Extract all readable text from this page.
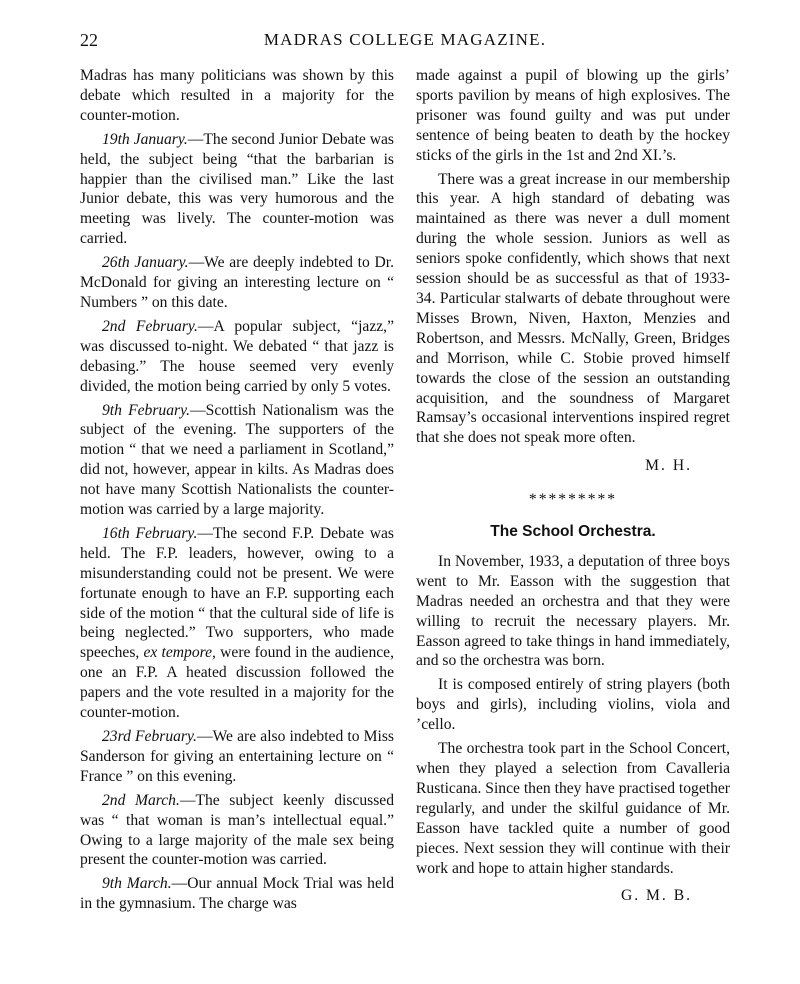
22	MADRAS COLLEGE MAGAZINE.

Madras has many politicians was shown by this debate which resulted in a majority for the counter-motion.

19th January.—The second Junior Debate was held, the subject being “that the barbarian is happier than the civilised man.” Like the last Junior debate, this was very humorous and the meeting was lively. The counter-motion was carried.

26th January.—We are deeply indebted to Dr. McDonald for giving an interesting lecture on “ Numbers ” on this date.

2nd February.—A popular subject, “jazz,” was discussed to-night. We debated “ that jazz is debasing.” The house seemed very evenly divided, the motion being carried by only 5 votes.

9th February.—Scottish Nationalism was the subject of the evening. The supporters of the motion “ that we need a parliament in Scotland,” did not, however, appear in kilts. As Madras does not have many Scottish Nationalists the counter-motion was carried by a large majority.

16th February.—The second F.P. Debate was held. The F.P. leaders, however, owing to a misunderstanding could not be present. We were fortunate enough to have an F.P. supporting each side of the motion “ that the cultural side of life is being neglected.” Two supporters, who made speeches, ex tempore, were found in the audience, one an F.P. A heated discussion followed the papers and the vote resulted in a majority for the counter-motion.

23rd February.—We are also indebted to Miss Sanderson for giving an entertaining lecture on “ France ” on this evening.

2nd March.—The subject keenly discussed was “ that woman is man’s intellectual equal.” Owing to a large majority of the male sex being present the counter-motion was carried.

9th March.—Our annual Mock Trial was held in the gymnasium. The charge was

made against a pupil of blowing up the girls’ sports pavilion by means of high explosives. The prisoner was found guilty and was put under sentence of being beaten to death by the hockey sticks of the girls in the 1st and 2nd XI.’s.

There was a great increase in our membership this year. A high standard of debating was maintained as there was never a dull moment during the whole session. Juniors as well as seniors spoke confidently, which shows that next session should be as successful as that of 1933-34. Particular stalwarts of debate throughout were Misses Brown, Niven, Haxton, Menzies and Robertson, and Messrs. McNally, Green, Bridges and Morrison, while C. Stobie proved himself towards the close of the session an outstanding acquisition, and the soundness of Margaret Ramsay’s occasional interventions inspired regret that she does not speak more often.

M. H.
*********
The School Orchestra.

In November, 1933, a deputation of three boys went to Mr. Easson with the suggestion that Madras needed an orchestra and that they were willing to recruit the necessary players. Mr. Easson agreed to take things in hand immediately, and so the orchestra was born.

It is composed entirely of string players (both boys and girls), including violins, viola and ’cello.

The orchestra took part in the School Concert, when they played a selection from Cavalleria Rusticana. Since then they have practised together regularly, and under the skilful guidance of Mr. Easson have tackled quite a number of good pieces. Next session they will continue with their work and hope to attain higher standards.

G. M. B.
